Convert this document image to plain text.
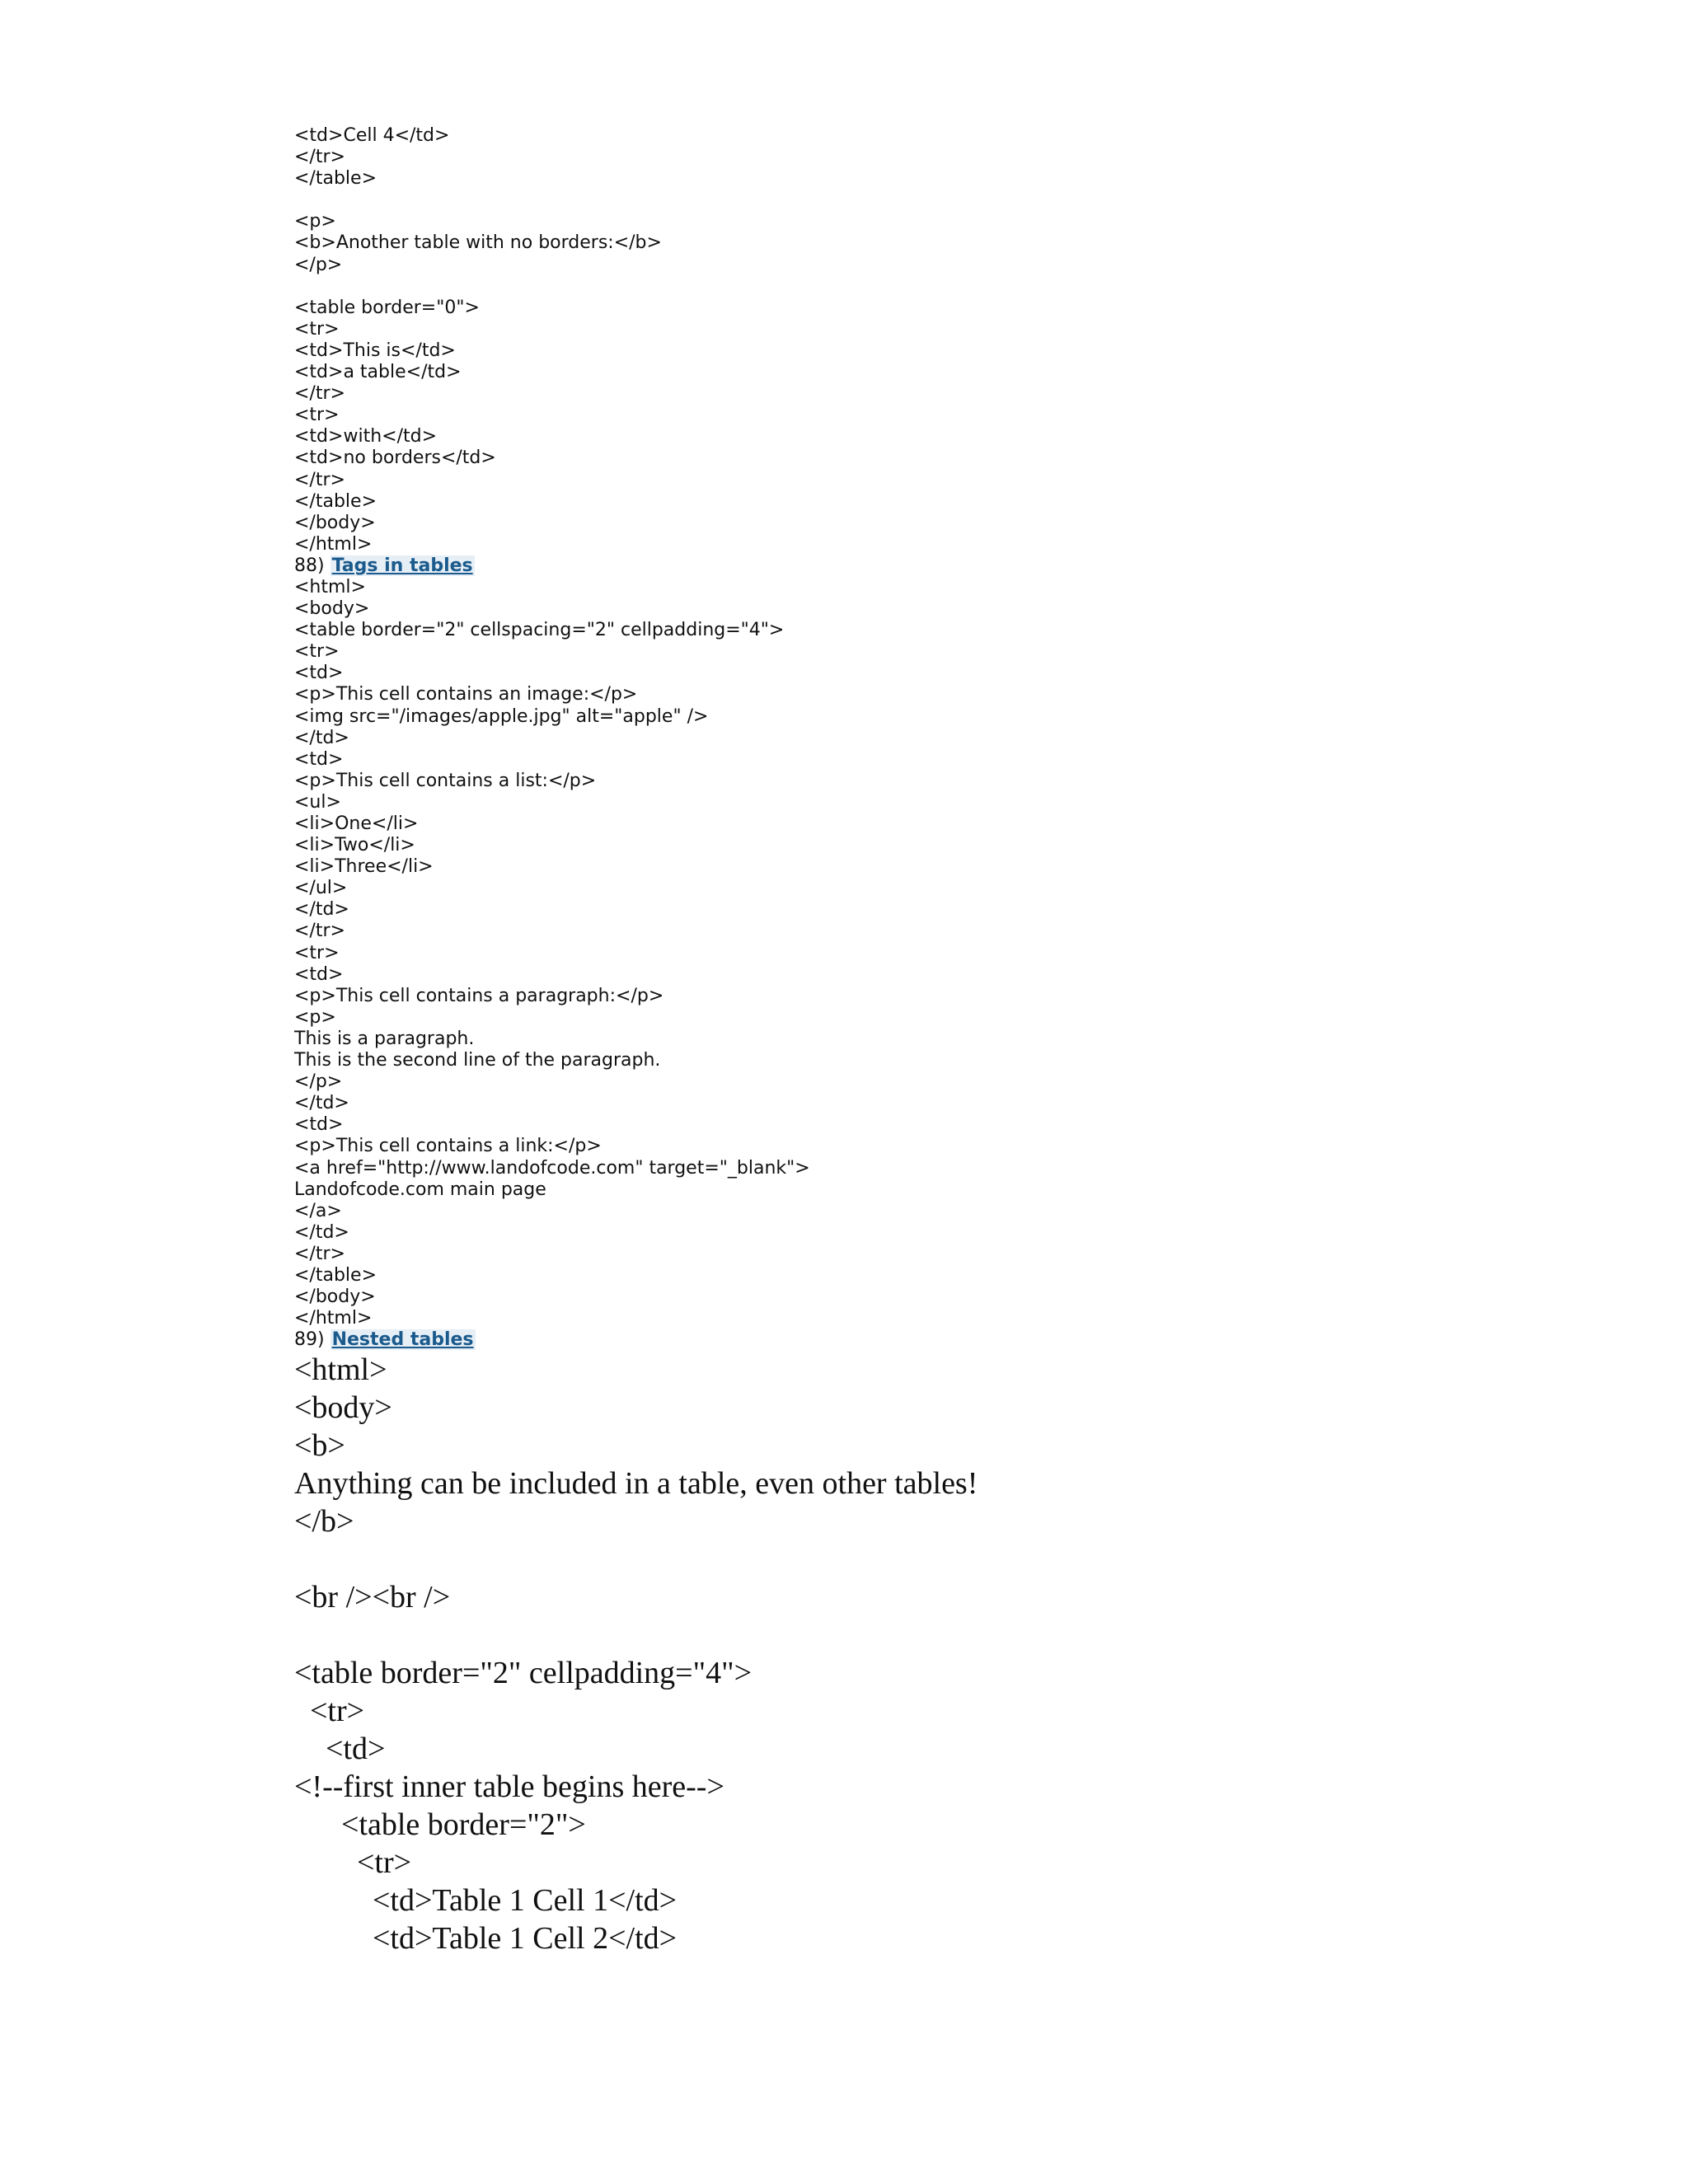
<td>Cell 4</td>
</tr>
</table>
<p>
<b>Another table with no borders:</b>
</p>
<table border="0">
<tr>
<td>This is</td>
<td>a table</td>
</tr>
<tr>
<td>with</td>
<td>no borders</td>
</tr>
</table>
</body>
</html>
88) Tags in tables
<html>
<body>
<table border="2" cellspacing="2" cellpadding="4">
<tr>
<td>
<p>This cell contains an image:</p>
<img src="/images/apple.jpg" alt="apple" />
</td>
<td>
<p>This cell contains a list:</p>
<ul>
<li>One</li>
<li>Two</li>
<li>Three</li>
</ul>
</td>
</tr>
<tr>
<td>
<p>This cell contains a paragraph:</p>
<p>
This is a paragraph.
This is the second line of the paragraph.
</p>
</td>
<td>
<p>This cell contains a link:</p>
<a href="http://www.landofcode.com" target="_blank">
Landofcode.com main page
</a>
</td>
</tr>
</table>
</body>
</html>
89) Nested tables
<html>
<body>
<b>
Anything can be included in a table, even other tables!
</b>
<br /><br />
<table border="2" cellpadding="4">
<tr>
<td>
<!--first inner table begins here-->
<table border="2">
<tr>
<td>Table 1 Cell 1</td>
<td>Table 1 Cell 2</td>
